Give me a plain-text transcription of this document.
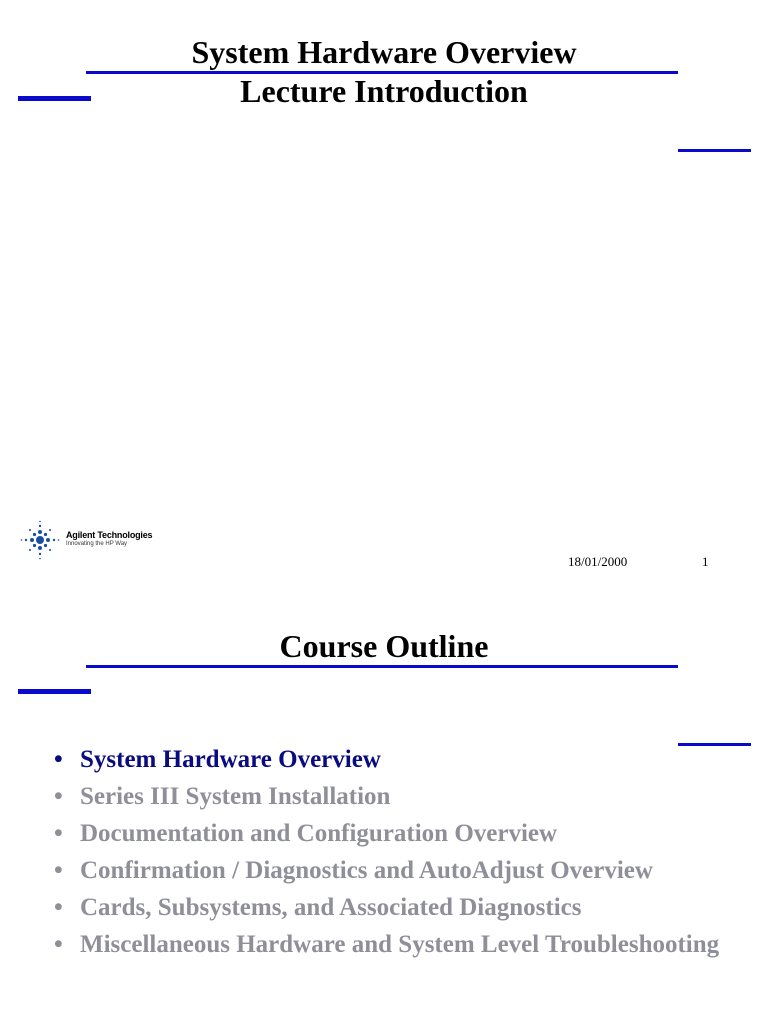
System Hardware Overview
Lecture Introduction
Agilent Technologies
Innovating the HP Way
18/01/2000	1
Course Outline
• System Hardware Overview
• Series III System Installation
• Documentation and Configuration Overview
• Confirmation / Diagnostics and AutoAdjust Overview
• Cards, Subsystems, and Associated Diagnostics
• Miscellaneous Hardware and System Level Troubleshooting
